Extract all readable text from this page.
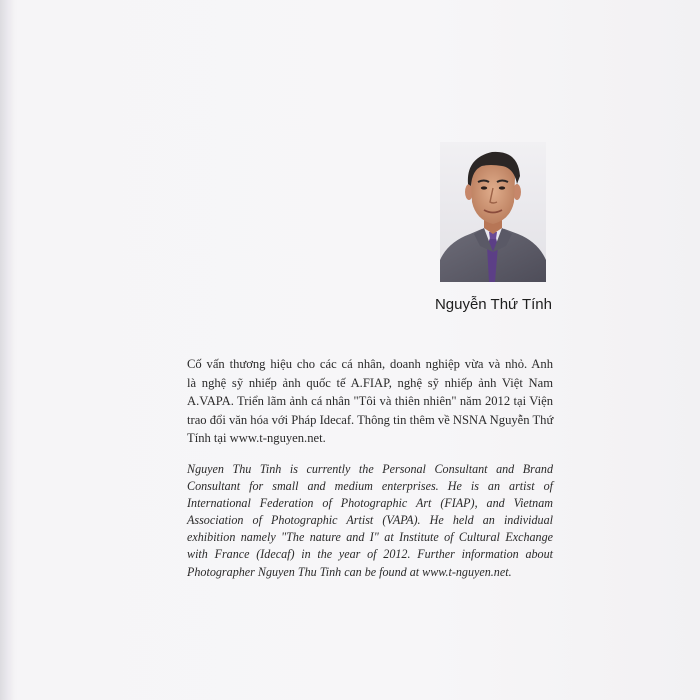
Nguyễn Thứ Tính

Cố vấn thương hiệu cho các cá nhân, doanh nghiệp vừa và nhỏ. Anh
là nghệ sỹ nhiếp ảnh quốc tế A.FIAP, nghệ sỹ nhiếp ảnh Việt Nam
A.VAPA. Triển lãm ảnh cá nhân "Tôi và thiên nhiên" năm 2012 tại Viện
trao đổi văn hóa với Pháp Idecaf. Thông tin thêm về NSNA Nguyễn Thứ
Tính tại www.t-nguyen.net.

Nguyen Thu Tinh is currently the Personal Consultant and Brand
Consultant for small and medium enterprises. He is an artist of
International Federation of Photographic Art (FIAP), and Vietnam
Association of Photographic Artist (VAPA). He held an individual
exhibition namely "The nature and I" at Institute of Cultural Exchange
with France (Idecaf) in the year of 2012. Further information about
Photographer Nguyen Thu Tinh can be found at www.t-nguyen.net.
